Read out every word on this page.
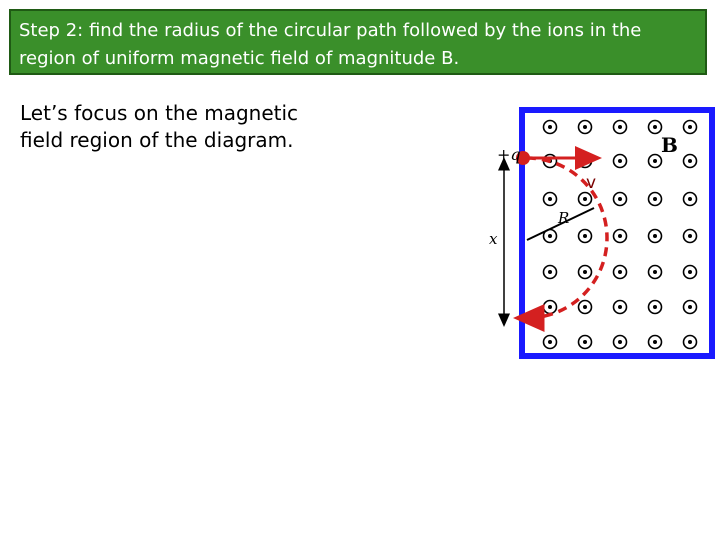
Step 2: find the radius of the circular path followed by the ions in the region of uniform magnetic field of magnitude B.
Let’s focus on the magnetic field region of the diagram.
x
R
v
+q	B
